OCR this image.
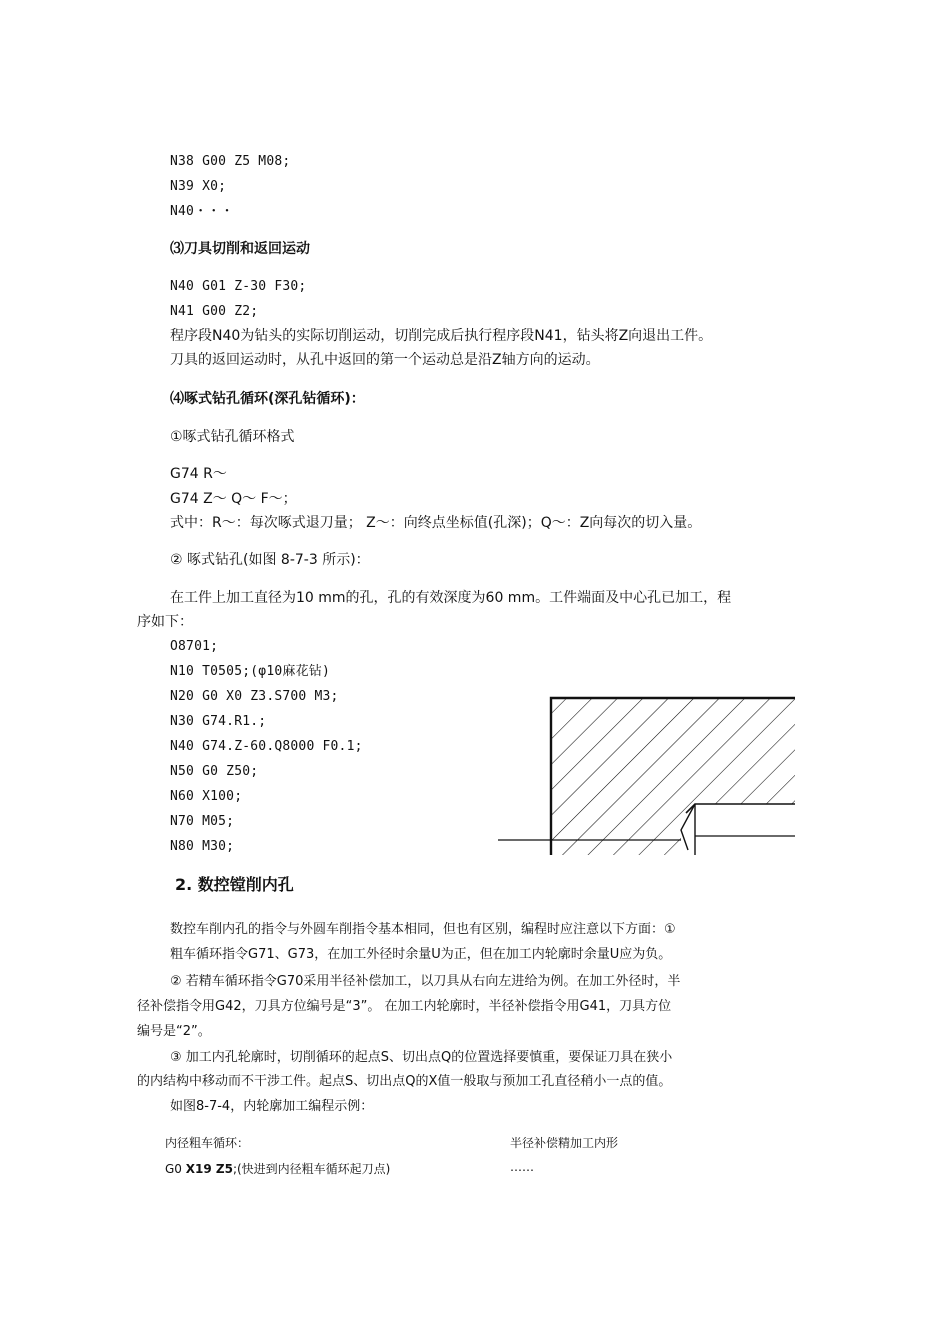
N38 G00 Z5 M08;
N39 X0;
N40・・・
⑶刀具切削和返回运动
N40 G01 Z-30 F30;
N41 G00 Z2;
程序段N40为钻头的实际切削运动，切削完成后执行程序段N41，钻头将Z向退出工件。
刀具的返回运动时，从孔中返回的第一个运动总是沿Z轴方向的运动。
⑷啄式钻孔循环(深孔钻循环)：
①啄式钻孔循环格式
G74 R～
G74 Z～ Q～ F～；
式中：R～：每次啄式退刀量； Z～：向终点坐标值(孔深)；Q～：Z向每次的切入量。
② 啄式钻孔(如图 8-7-3 所示)：
在工件上加工直径为10 mm的孔，孔的有效深度为60 mm。工件端面及中心孔已加工，程
序如下：
O8701;
N10 T0505;(φ10麻花钻)
N20 G0 X0 Z3.S700 M3;
N30 G74.R1.;
N40 G74.Z-60.Q8000 F0.1;
N50 G0 Z50;
N60 X100;
N70 M05;
N80 M30;
2. 数控镗削内孔
数控车削内孔的指令与外圆车削指令基本相同，但也有区别，编程时应注意以下方面：①
粗车循环指令G71、G73，在加工外径时余量U为正，但在加工内轮廓时余量U应为负。
② 若精车循环指令G70采用半径补偿加工，以刀具从右向左进给为例。在加工外径时，半
径补偿指令用G42，刀具方位编号是“3”。 在加工内轮廓时，半径补偿指令用G41，刀具方位
编号是“2”。
③ 加工内孔轮廓时，切削循环的起点S、切出点Q的位置选择要慎重，要保证刀具在狭小
的内结构中移动而不干涉工件。起点S、切出点Q的X值一般取与预加工孔直径稍小一点的值。
如图8-7-4，内轮廓加工编程示例：
内径粗车循环：	半径补偿精加工内形
G0 X19 Z5;(快进到内径粗车循环起刀点)	……
